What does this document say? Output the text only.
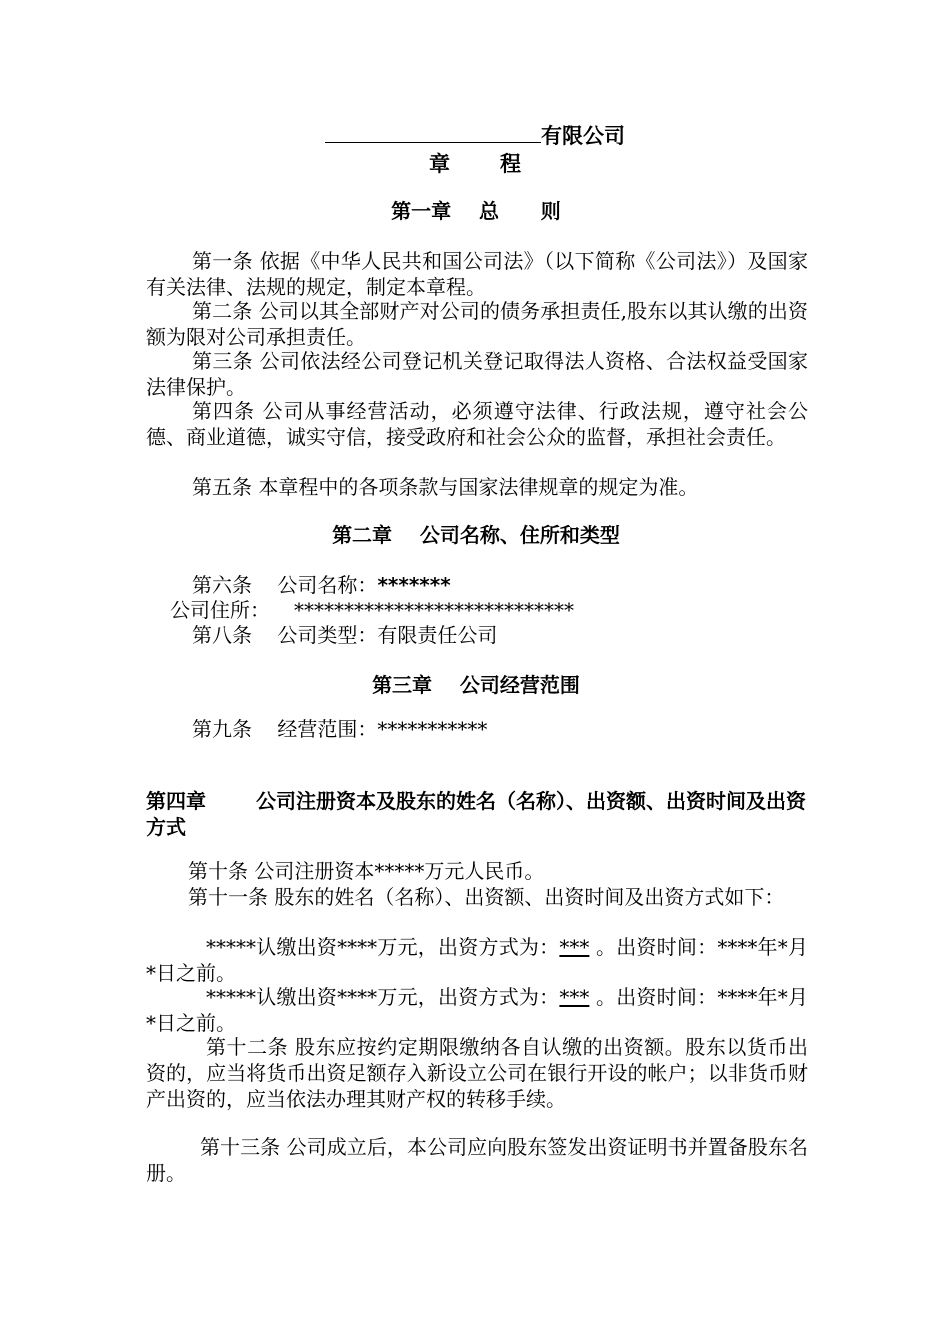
有限公司
章程
第一章    总      则
第一条 依据《中华人民共和国公司法》（以下简称《公司法》）及国家有关法律、法规的规定，制定本章程。
第二条 公司以其全部财产对公司的债务承担责任,股东以其认缴的出资额为限对公司承担责任。
第三条 公司依法经公司登记机关登记取得法人资格、合法权益受国家法律保护。
第四条 公司从事经营活动，必须遵守法律、行政法规，遵守社会公德、商业道德，诚实守信，接受政府和社会公众的监督，承担社会责任。
第五条 本章程中的各项条款与国家法律规章的规定为准。
第二章    公司名称、住所和类型
第六条    公司名称：*******
公司住所： ****************************
第八条    公司类型：有限责任公司
第三章    公司经营范围
第九条    经营范围：***********
第四章	公司注册资本及股东的姓名（名称）、出资额、出资时间及出资方式
第十条 公司注册资本*****万元人民币。
第十一条 股东的姓名（名称）、出资额、出资时间及出资方式如下：
*****认缴出资****万元，出资方式为：*** 。出资时间：****年*月 *日之前。
*****认缴出资****万元，出资方式为：*** 。出资时间：****年*月 *日之前。
第十二条 股东应按约定期限缴纳各自认缴的出资额。股东以货币出资的，应当将货币出资足额存入新设立公司在银行开设的帐户；以非货币财产出资的，应当依法办理其财产权的转移手续。
第十三条 公司成立后，本公司应向股东签发出资证明书并置备股东名册。
